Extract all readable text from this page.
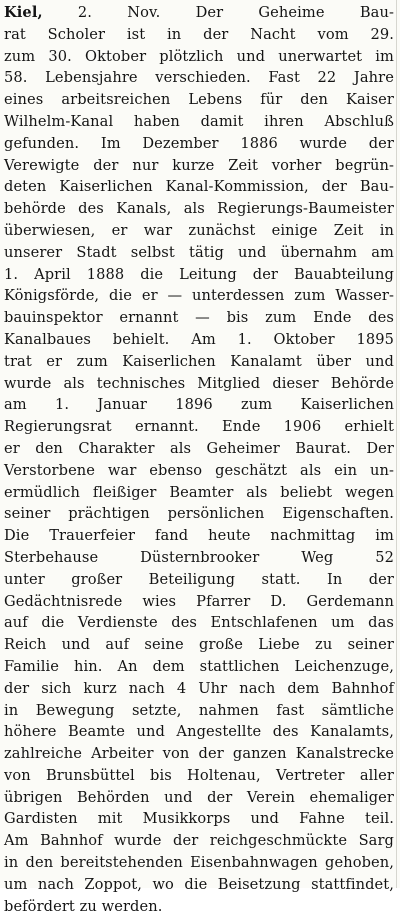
Kiel, 2. Nov. Der Geheime Bau-
rat Scholer ist in der Nacht vom 29.
zum 30. Oktober plötzlich und unerwartet im
58. Lebensjahre verschieden. Fast 22 Jahre
eines arbeitsreichen Lebens für den Kaiser
Wilhelm-Kanal haben damit ihren Abschluß
gefunden. Im Dezember 1886 wurde der
Verewigte der nur kurze Zeit vorher begrün-
deten Kaiserlichen Kanal-Kommission, der Bau-
behörde des Kanals, als Regierungs-Baumeister
überwiesen, er war zunächst einige Zeit in
unserer Stadt selbst tätig und übernahm am
1. April 1888 die Leitung der Bauabteilung
Königsförde, die er — unterdessen zum Wasser-
bauinspektor ernannt — bis zum Ende des
Kanalbaues behielt. Am 1. Oktober 1895
trat er zum Kaiserlichen Kanalamt über und
wurde als technisches Mitglied dieser Behörde
am 1. Januar 1896 zum Kaiserlichen
Regierungsrat ernannt. Ende 1906 erhielt
er den Charakter als Geheimer Baurat. Der
Verstorbene war ebenso geschätzt als ein un-
ermüdlich fleißiger Beamter als beliebt wegen
seiner prächtigen persönlichen Eigenschaften.
Die Trauerfeier fand heute nachmittag im
Sterbehause Düsternbrooker Weg 52
unter großer Beteiligung statt. In der
Gedächtnisrede wies Pfarrer D. Gerdemann
auf die Verdienste des Entschlafenen um das
Reich und auf seine große Liebe zu seiner
Familie hin. An dem stattlichen Leichenzuge,
der sich kurz nach 4 Uhr nach dem Bahnhof
in Bewegung setzte, nahmen fast sämtliche
höhere Beamte und Angestellte des Kanalamts,
zahlreiche Arbeiter von der ganzen Kanalstrecke
von Brunsbüttel bis Holtenau, Vertreter aller
übrigen Behörden und der Verein ehemaliger
Gardisten mit Musikkorps und Fahne teil.
Am Bahnhof wurde der reichgeschmückte Sarg
in den bereitstehenden Eisenbahnwagen gehoben,
um nach Zoppot, wo die Beisetzung stattfindet,
befördert zu werden.
